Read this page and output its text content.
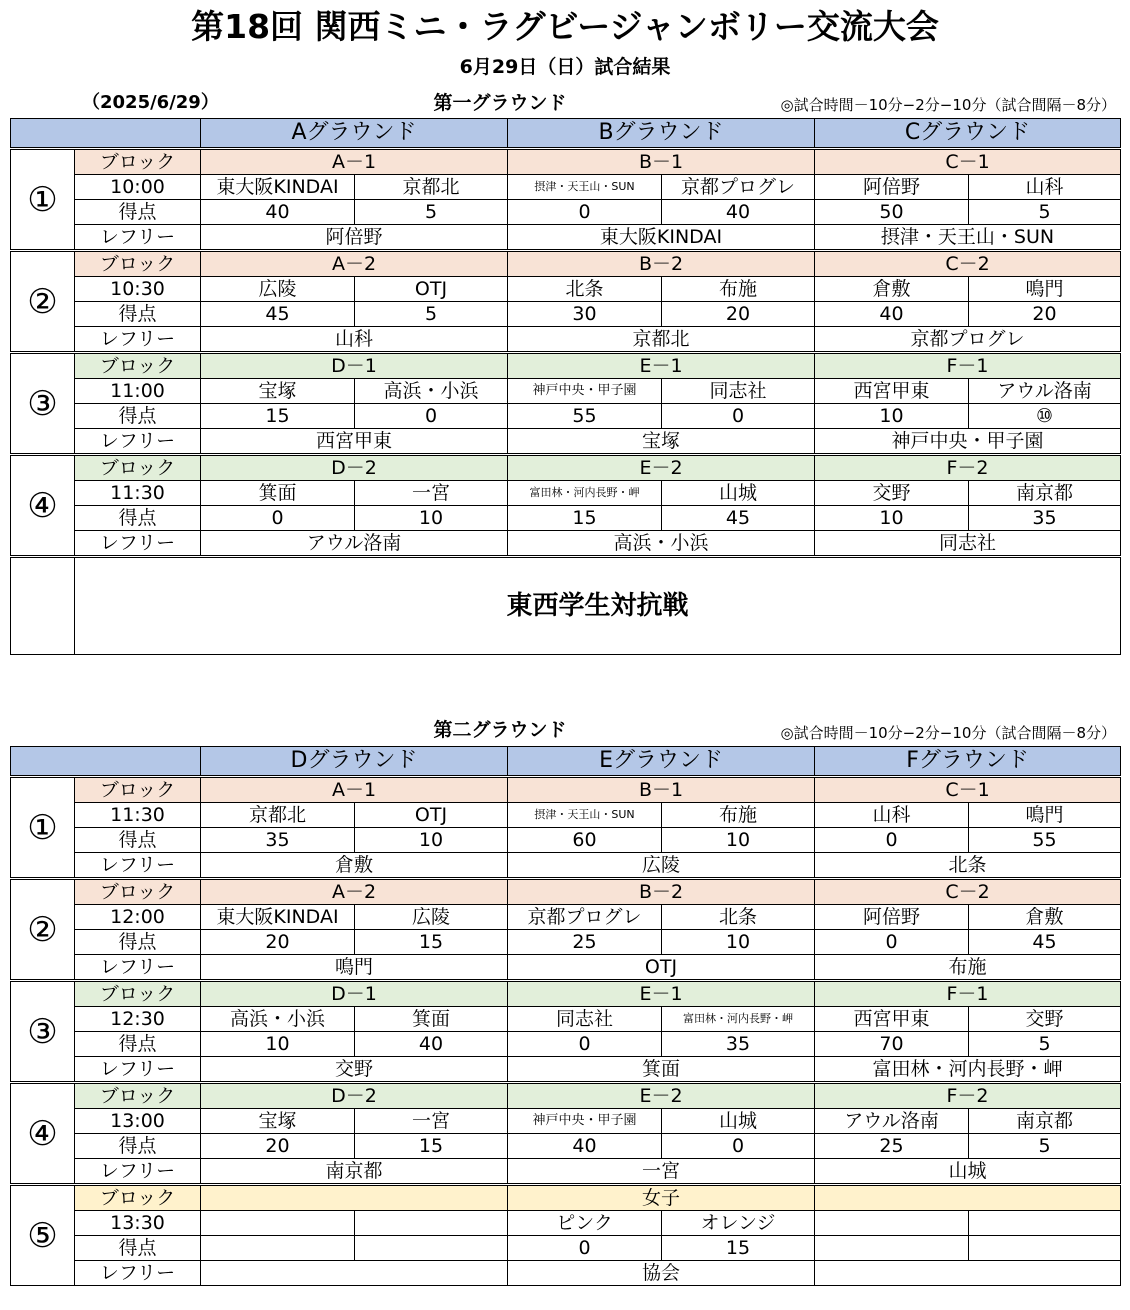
第18回 関西ミニ・ラグビージャンボリー交流大会
6月29日（日）試合結果
（2025/6/29）	第一グラウンド	◎試合時間－10分−2分−10分（試合間隔－8分）
		Aグラウンド		Bグラウンド		Cグラウンド	
①	ブロック	A－1		B－1		C－1	
	10:00	東大阪KINDAI	京都北	摂津・天王山・SUN	京都プログレ	阿倍野	山科
	得点	40	5	0	40	50	5
	レフリー	阿倍野		東大阪KINDAI		摂津・天王山・SUN	
②	ブロック	A－2		B－2		C－2	
	10:30	広陵	OTJ	北条	布施	倉敷	鳴門
	得点	45	5	30	20	40	20
	レフリー	山科		京都北		京都プログレ	
③	ブロック	D－1		E－1		F－1	
	11:00	宝塚	高浜・小浜	神戸中央・甲子園	同志社	西宮甲東	アウル洛南
	得点	15	0	55	0	10	⑩
	レフリー	西宮甲東		宝塚		神戸中央・甲子園	
④	ブロック	D－2		E－2		F－2	
	11:30	箕面	一宮	富田林・河内長野・岬	山城	交野	南京都
	得点	0	10	15	45	10	35
	レフリー	アウル洛南		高浜・小浜		同志社	
	東西学生対抗戦						
第二グラウンド	◎試合時間－10分−2分−10分（試合間隔－8分）
		Dグラウンド		Eグラウンド		Fグラウンド	
①	ブロック	A－1		B－1		C－1	
	11:30	京都北	OTJ	摂津・天王山・SUN	布施	山科	鳴門
	得点	35	10	60	10	0	55
	レフリー	倉敷		広陵		北条	
②	ブロック	A－2		B－2		C－2	
	12:00	東大阪KINDAI	広陵	京都プログレ	北条	阿倍野	倉敷
	得点	20	15	25	10	0	45
	レフリー	鳴門		OTJ		布施	
③	ブロック	D－1		E－1		F－1	
	12:30	高浜・小浜	箕面	同志社	富田林・河内長野・岬	西宮甲東	交野
	得点	10	40	0	35	70	5
	レフリー	交野		箕面		富田林・河内長野・岬	
④	ブロック	D－2		E－2		F－2	
	13:00	宝塚	一宮	神戸中央・甲子園	山城	アウル洛南	南京都
	得点	20	15	40	0	25	5
	レフリー	南京都		一宮		山城	
⑤	ブロック			女子			
	13:30			ピンク	オレンジ		
	得点			0	15		
	レフリー			協会			
